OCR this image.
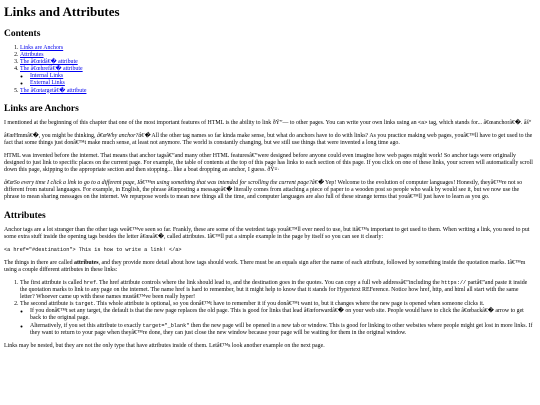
Links and Attributes
Contents
1. Links are Anchors
2. Attributes
3. The â€œidâ€� attribute
4. The â€œhrefâ€� attribute
◦ Internal Links
◦ External Links
5. The â€œtargetâ€� attribute
Links are Anchors

I mentioned at the beginning of this chapter that one of the most important features of HTML is the ability to link ðŸ”— to other pages. You can write your own links using an <a> tag, which stands for... â€œanchorâ€�. âš“

â€œHmmâ€�, you might be thinking, â€œWhy anchor?â€� All the other tag names so far kinda make sense, but what do anchors have to do with links? As you practice making web pages, youâ€™ll have to get used to the fact that some things just donâ€™t make much sense, at least not anymore. The world is constantly changing, but we still use things that were invented a long time ago.

HTML was invented before the internet. That means that anchor tagsâ€”and many other HTML featuresâ€”were designed before anyone could even imagine how web pages might work! So anchor tags were originally designed to just link to specific places on the current page. For example, the table of contents at the top of this page has links to each section of this page. If you click on one of these links, your screen will automatically scroll down this page, skipping to the appropriate section and then stopping... like a boat dropping an anchor, I guess. ðŸ¤·

â€œSo every time I click a link to go to a different page, Iâ€™m using something that was intended for scrolling the current page?â€� Yep! Welcome to the evolution of computer languages! Honestly, theyâ€™re not so different from natural languages. For example, in English, the phrase â€œposting a messageâ€� literally comes from attaching a piece of paper to a wooden post so people who walk by would see it, but we now use the phrase to mean sharing messages on the internet. We repurpose words to mean new things all the time, and computer languages are also full of these strange terms that youâ€™ll just have to learn as you go.

Attributes

Anchor tags are a lot stranger than the other tags weâ€™ve seen so far. Frankly, these are some of the weirdest tags youâ€™ll ever need to use, but itâ€™s important to get used to them. When writing a link, you need to put some extra stuff inside the opening tags besides the letter â€œaâ€�, called attributes. Iâ€™ll put a simple example in the page by itself so you can see it clearly:

<a href="#destination"> This is how to write a link! </a>

The things in there are called attributes, and they provide more detail about how tags should work. There must be an equals sign after the name of each attribute, followed by something inside the quotation marks. Iâ€™m using a couple different attributes in these links:

1. The first attribute is called href. The href attribute controls where the link should lead to, and the destination goes in the quotes. You can copy a full web addressâ€”including the https:// partâ€”and paste it inside the quotation marks to link to any page on the internet. The name href is hard to remember, but it might help to know that it stands for Hypertext REFerence. Notice how href, http, and html all start with the same letter? Whoever came up with these names mustâ€™ve been really hyper!
2. The second attribute is target. This whole attribute is optional, so you donâ€™t have to remember it if you donâ€™t want to, but it changes where the new page is opened when someone clicks it.
◦ If you donâ€™t set any target, the default is that the new page replaces the old page. This is good for links that lead â€œforwardâ€� on your web site. People would have to click the â€œbackâ€� arrow to get back to the original page.
◦ Alternatively, if you set this attribute to exactly target="_blank" then the new page will be opened in a new tab or window. This is good for linking to other websites where people might get lost in more links. If they want to return to your page when theyâ€™re done, they can just close the new window because your page will be waiting for them in the original window.

Links may be nested, but they are not the only type that have attributes inside of them. Letâ€™s look another example on the next page.
